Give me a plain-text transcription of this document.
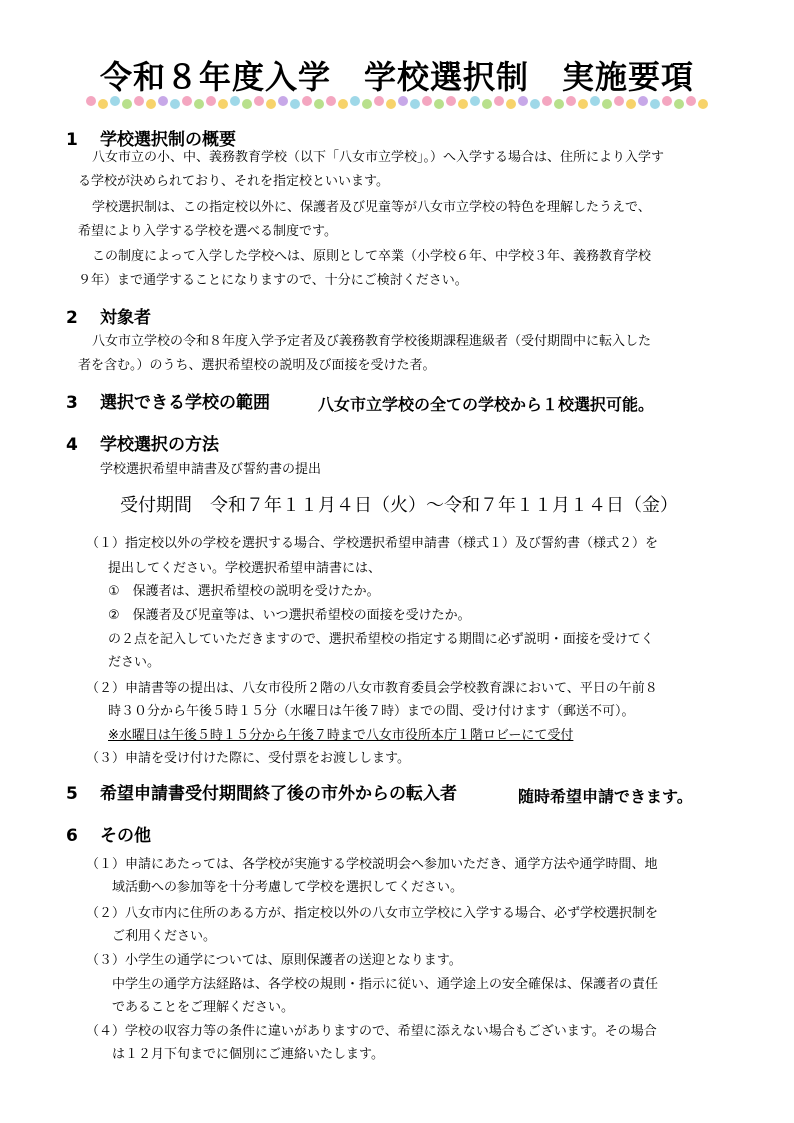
令和８年度入学　学校選択制　実施要項
1 学校選択制の概要

八女市立の小、中、義務教育学校（以下「八女市立学校」。）へ入学する場合は、住所により入学す

る学校が決められており、それを指定校といいます。

学校選択制は、この指定校以外に、保護者及び児童等が八女市立学校の特色を理解したうえで、

希望により入学する学校を選べる制度です。

この制度によって入学した学校へは、原則として卒業（小学校６年、中学校３年、義務教育学校

９年）まで通学することになりますので、十分にご検討ください。

2 対象者

八女市立学校の令和８年度入学予定者及び義務教育学校後期課程進級者（受付期間中に転入した

者を含む。）のうち、選択希望校の説明及び面接を受けた者。

3 選択できる学校の範囲	八女市立学校の全ての学校から１校選択可能。
4 学校選択の方法

学校選択希望申請書及び誓約書の提出

受付期間　令和７年１１月４日（火）～令和７年１１月１４日（金）

（１）指定校以外の学校を選択する場合、学校選択希望申請書（様式１）及び誓約書（様式２）を

提出してください。学校選択希望申請書には、

①　保護者は、選択希望校の説明を受けたか。

②　保護者及び児童等は、いつ選択希望校の面接を受けたか。

の２点を記入していただきますので、選択希望校の指定する期間に必ず説明・面接を受けてく

ださい。

（２）申請書等の提出は、八女市役所２階の八女市教育委員会学校教育課において、平日の午前８

時３０分から午後５時１５分（水曜日は午後７時）までの間、受け付けます（郵送不可）。

※水曜日は午後５時１５分から午後７時まで八女市役所本庁１階ロビーにて受付

（３）申請を受け付けた際に、受付票をお渡しします。

5 希望申請書受付期間終了後の市外からの転入者	随時希望申請できます。
6 その他

（１）申請にあたっては、各学校が実施する学校説明会へ参加いただき、通学方法や通学時間、地

域活動への参加等を十分考慮して学校を選択してください。

（２）八女市内に住所のある方が、指定校以外の八女市立学校に入学する場合、必ず学校選択制を

ご利用ください。

（３）小学生の通学については、原則保護者の送迎となります。

中学生の通学方法経路は、各学校の規則・指示に従い、通学途上の安全確保は、保護者の責任

であることをご理解ください。

（４）学校の収容力等の条件に違いがありますので、希望に添えない場合もございます。その場合

は１２月下旬までに個別にご連絡いたします。
